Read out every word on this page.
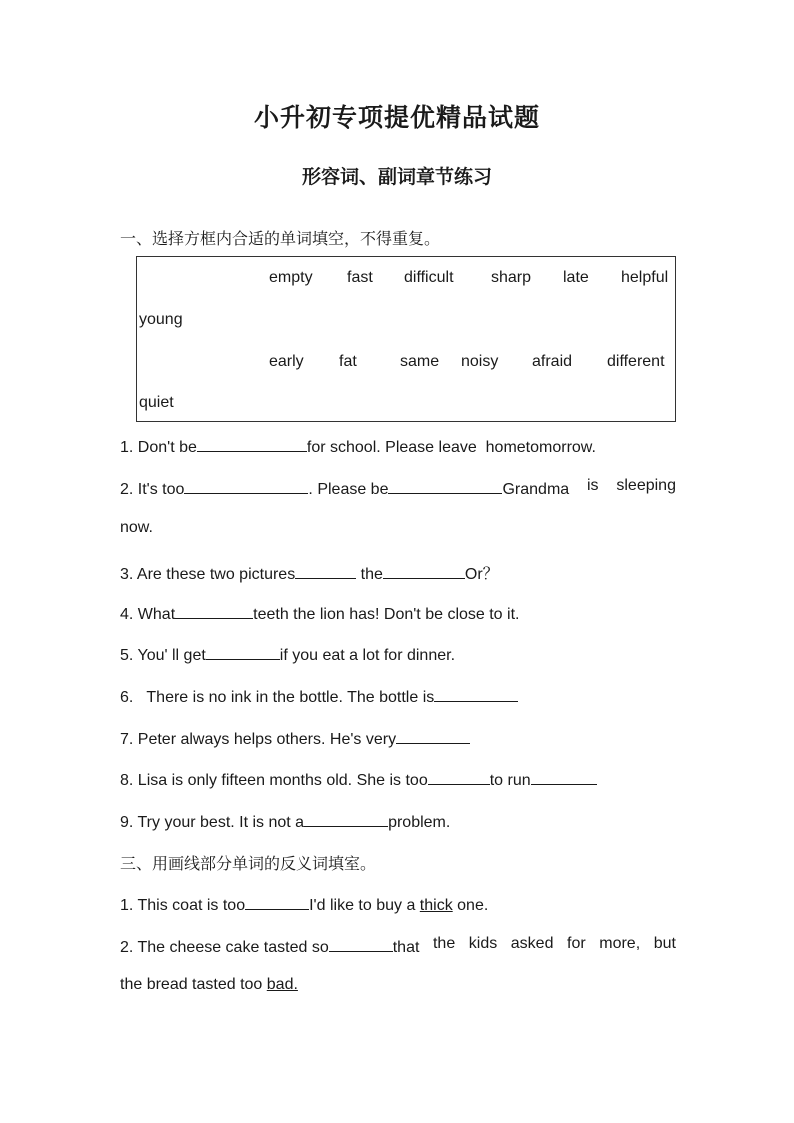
小升初专项提优精品试题
形容词、副词章节练习
一、选择方框内合适的单词填空，不得重复。
empty fast difficult sharp late helpful
young
early fat	same noisy afraid different
quiet
1. Don't be	for school. Please leave hometomorrow.
2. It's too	. Please be	Grandma is sleeping
now.
3. Are these two pictures	the	Or？
4. What	teeth the lion has! Don't be close to it.
5. You' ll get	if you eat a lot for dinner.
6.   There is no ink in the bottle. The bottle is
7. Peter always helps others. He's very
8. Lisa is only fifteen months old. She is too	to run
9. Try your best. It is not a	problem.
三、用画线部分单词的反义词填室。
1. This coat is too	I'd like to buy a thick one.
2. The cheese cake tasted so	that the kids asked for more, but
the bread tasted too bad.
